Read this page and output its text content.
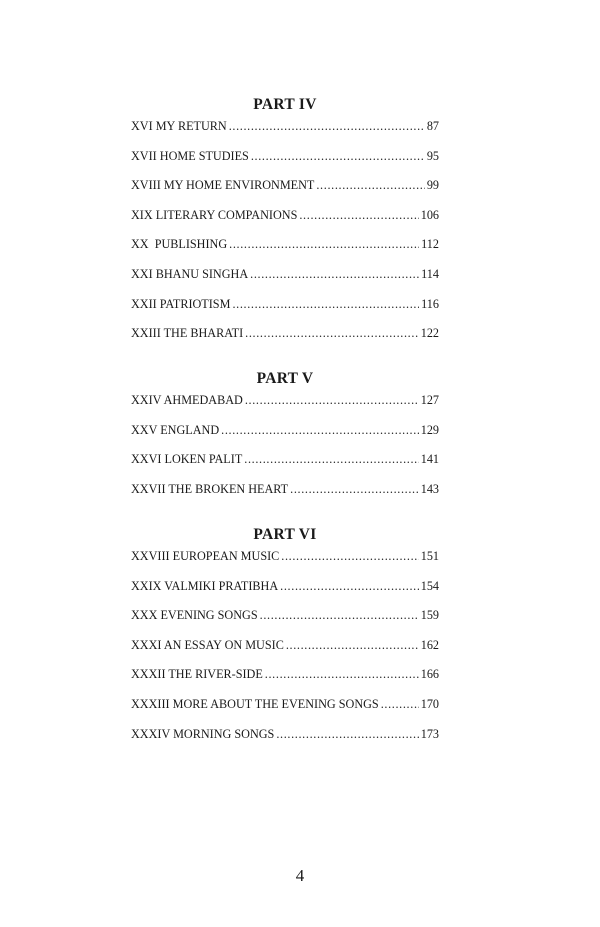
PART IV
XVI MY RETURN . . .	87
XVII HOME STUDIES . . .	95
XVIII MY HOME ENVIRONMENT . . .	99
XIX LITERARY COMPANIONS . . .	106
XX  PUBLISHING . . .	112
XXI BHANU SINGHA . . .	114
XXII PATRIOTISM . . .	116
XXIII THE BHARATI . . .	122
PART V
XXIV AHMEDABAD . . .	127
XXV ENGLAND . . .	129
XXVI LOKEN PALIT . . .	141
XXVII THE BROKEN HEART . . .	143
PART VI
XXVIII EUROPEAN MUSIC . . .	151
XXIX VALMIKI PRATIBHA . . .	154
XXX EVENING SONGS . . .	159
XXXI AN ESSAY ON MUSIC . . .	162
XXXII THE RIVER-SIDE . . .	166
XXXIII MORE ABOUT THE EVENING SONGS . . .	170
XXXIV MORNING SONGS . . .	173
4
